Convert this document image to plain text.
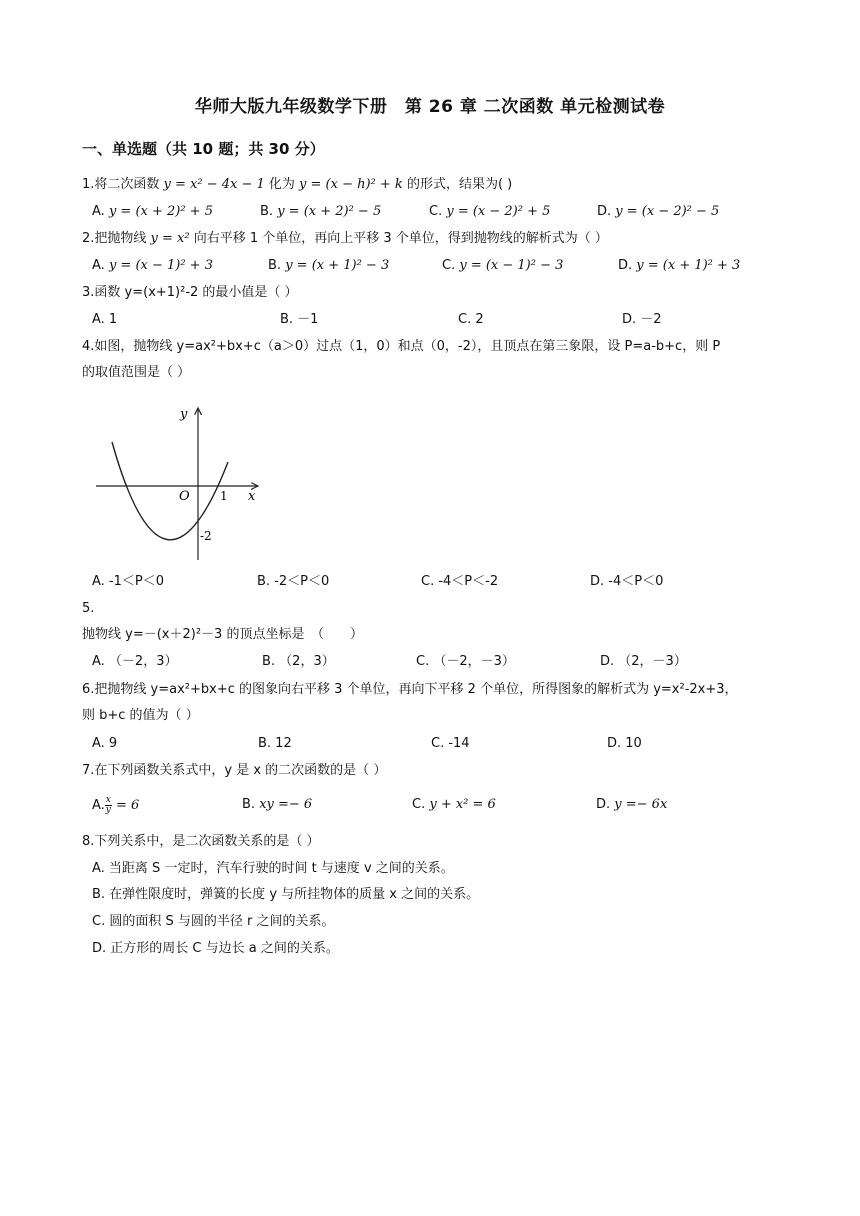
华师大版九年级数学下册　第 26 章 二次函数 单元检测试卷
一、单选题（共 10 题；共 30 分）
1.将二次函数 y = x² − 4x − 1 化为 y = (x − h)² + k 的形式，结果为( )
A. y = (x + 2)² + 5	B. y = (x + 2)² − 5	C. y = (x − 2)² + 5	D. y = (x − 2)² − 5
2.把抛物线 y = x² 向右平移 1 个单位，再向上平移 3 个单位，得到抛物线的解析式为（ ）
A. y = (x − 1)² + 3	B. y = (x + 1)² − 3	C. y = (x − 1)² − 3	D. y = (x + 1)² + 3
3.函数 y=(x+1)²-2 的最小值是（ ）
A. 1	B. －1	C. 2	D. －2
4.如图，抛物线 y=ax²+bx+c（a＞0）过点（1，0）和点（0，-2），且顶点在第三象限，设 P=a-b+c，则 P
的取值范围是（ ）
y
x
O	1
-2
A. -1＜P＜0	B. -2＜P＜0	C. -4＜P＜-2	D. -4＜P＜0
5.
抛物线 y=－(x＋2)²－3 的顶点坐标是　（　　）
A. （－2，3）	B. （2，3）	C. （－2，－3）	D. （2，－3）
6.把抛物线 y=ax²+bx+c 的图象向右平移 3 个单位，再向下平移 2 个单位，所得图象的解析式为 y=x²-2x+3，
则 b+c 的值为（ ）
A. 9	B. 12	C. -14	D. 10
7.在下列函数关系式中，y 是 x 的二次函数的是（ ）
A. $\frac{x}{y} = 6$	B. xy =− 6	C. y + x² = 6	D. y =− 6x
8.下列关系中，是二次函数关系的是（ ）
A. 当距离 S 一定时，汽车行驶的时间 t 与速度 v 之间的关系。
B. 在弹性限度时，弹簧的长度 y 与所挂物体的质量 x 之间的关系。
C. 圆的面积 S 与圆的半径 r 之间的关系。
D. 正方形的周长 C 与边长 a 之间的关系。
